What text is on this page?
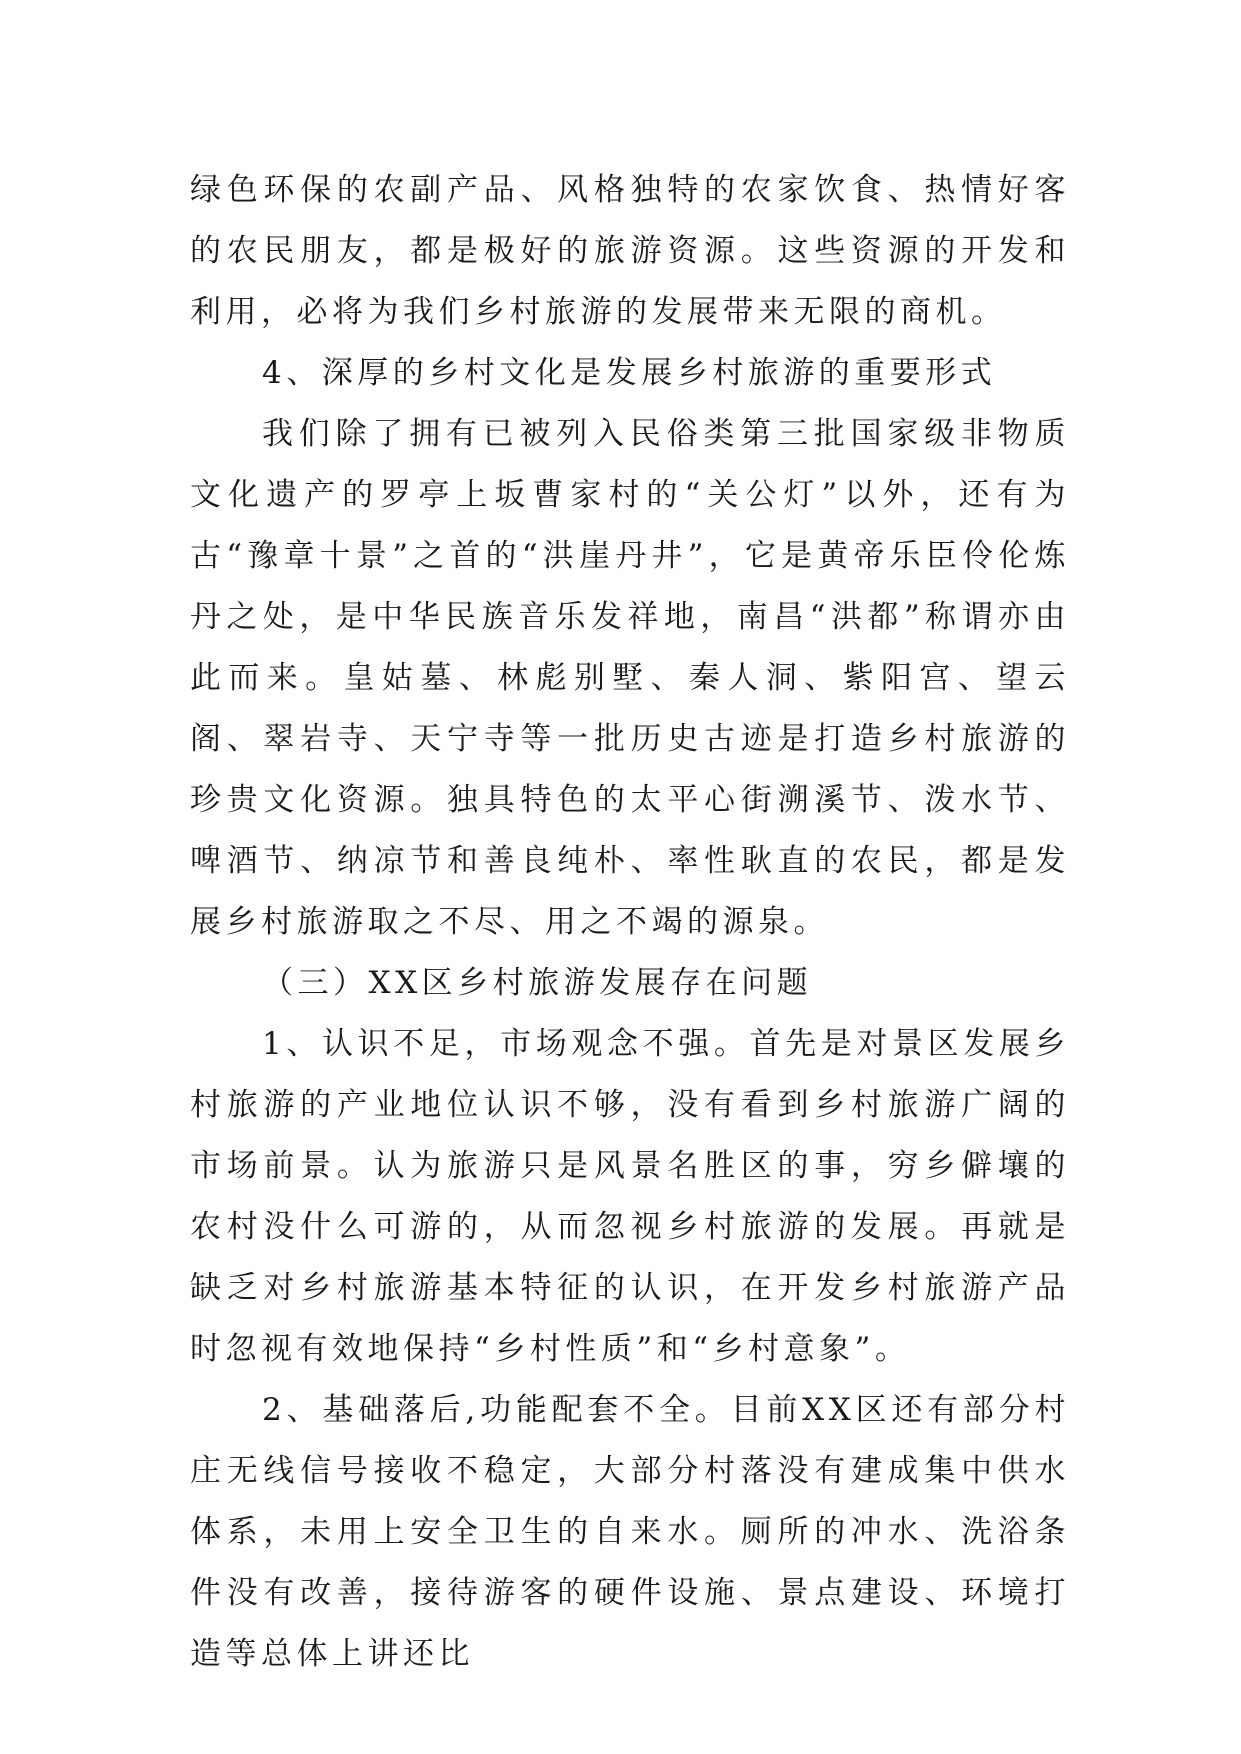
绿色环保的农副产品、风格独特的农家饮食、热情好客的农民朋友，都是极好的旅游资源。这些资源的开发和利用，必将为我们乡村旅游的发展带来无限的商机。

4、深厚的乡村文化是发展乡村旅游的重要形式

我们除了拥有已被列入民俗类第三批国家级非物质文化遗产的罗亭上坂曹家村的“关公灯”以外，还有为古“豫章十景”之首的“洪崖丹井”，它是黄帝乐臣伶伦炼丹之处，是中华民族音乐发祥地，南昌“洪都”称谓亦由此而来。皇姑墓、林彪别墅、秦人洞、紫阳宫、望云阁、翠岩寺、天宁寺等一批历史古迹是打造乡村旅游的珍贵文化资源。独具特色的太平心街溯溪节、泼水节、啤酒节、纳凉节和善良纯朴、率性耿直的农民，都是发展乡村旅游取之不尽、用之不竭的源泉。

（三）XX区乡村旅游发展存在问题

1、认识不足，市场观念不强。首先是对景区发展乡村旅游的产业地位认识不够，没有看到乡村旅游广阔的市场前景。认为旅游只是风景名胜区的事，穷乡僻壤的农村没什么可游的，从而忽视乡村旅游的发展。再就是缺乏对乡村旅游基本特征的认识，在开发乡村旅游产品时忽视有效地保持“乡村性质”和“乡村意象”。

2、基础落后,功能配套不全。目前XX区还有部分村庄无线信号接收不稳定，大部分村落没有建成集中供水体系，未用上安全卫生的自来水。厕所的冲水、洗浴条件没有改善，接待游客的硬件设施、景点建设、环境打造等总体上讲还比
